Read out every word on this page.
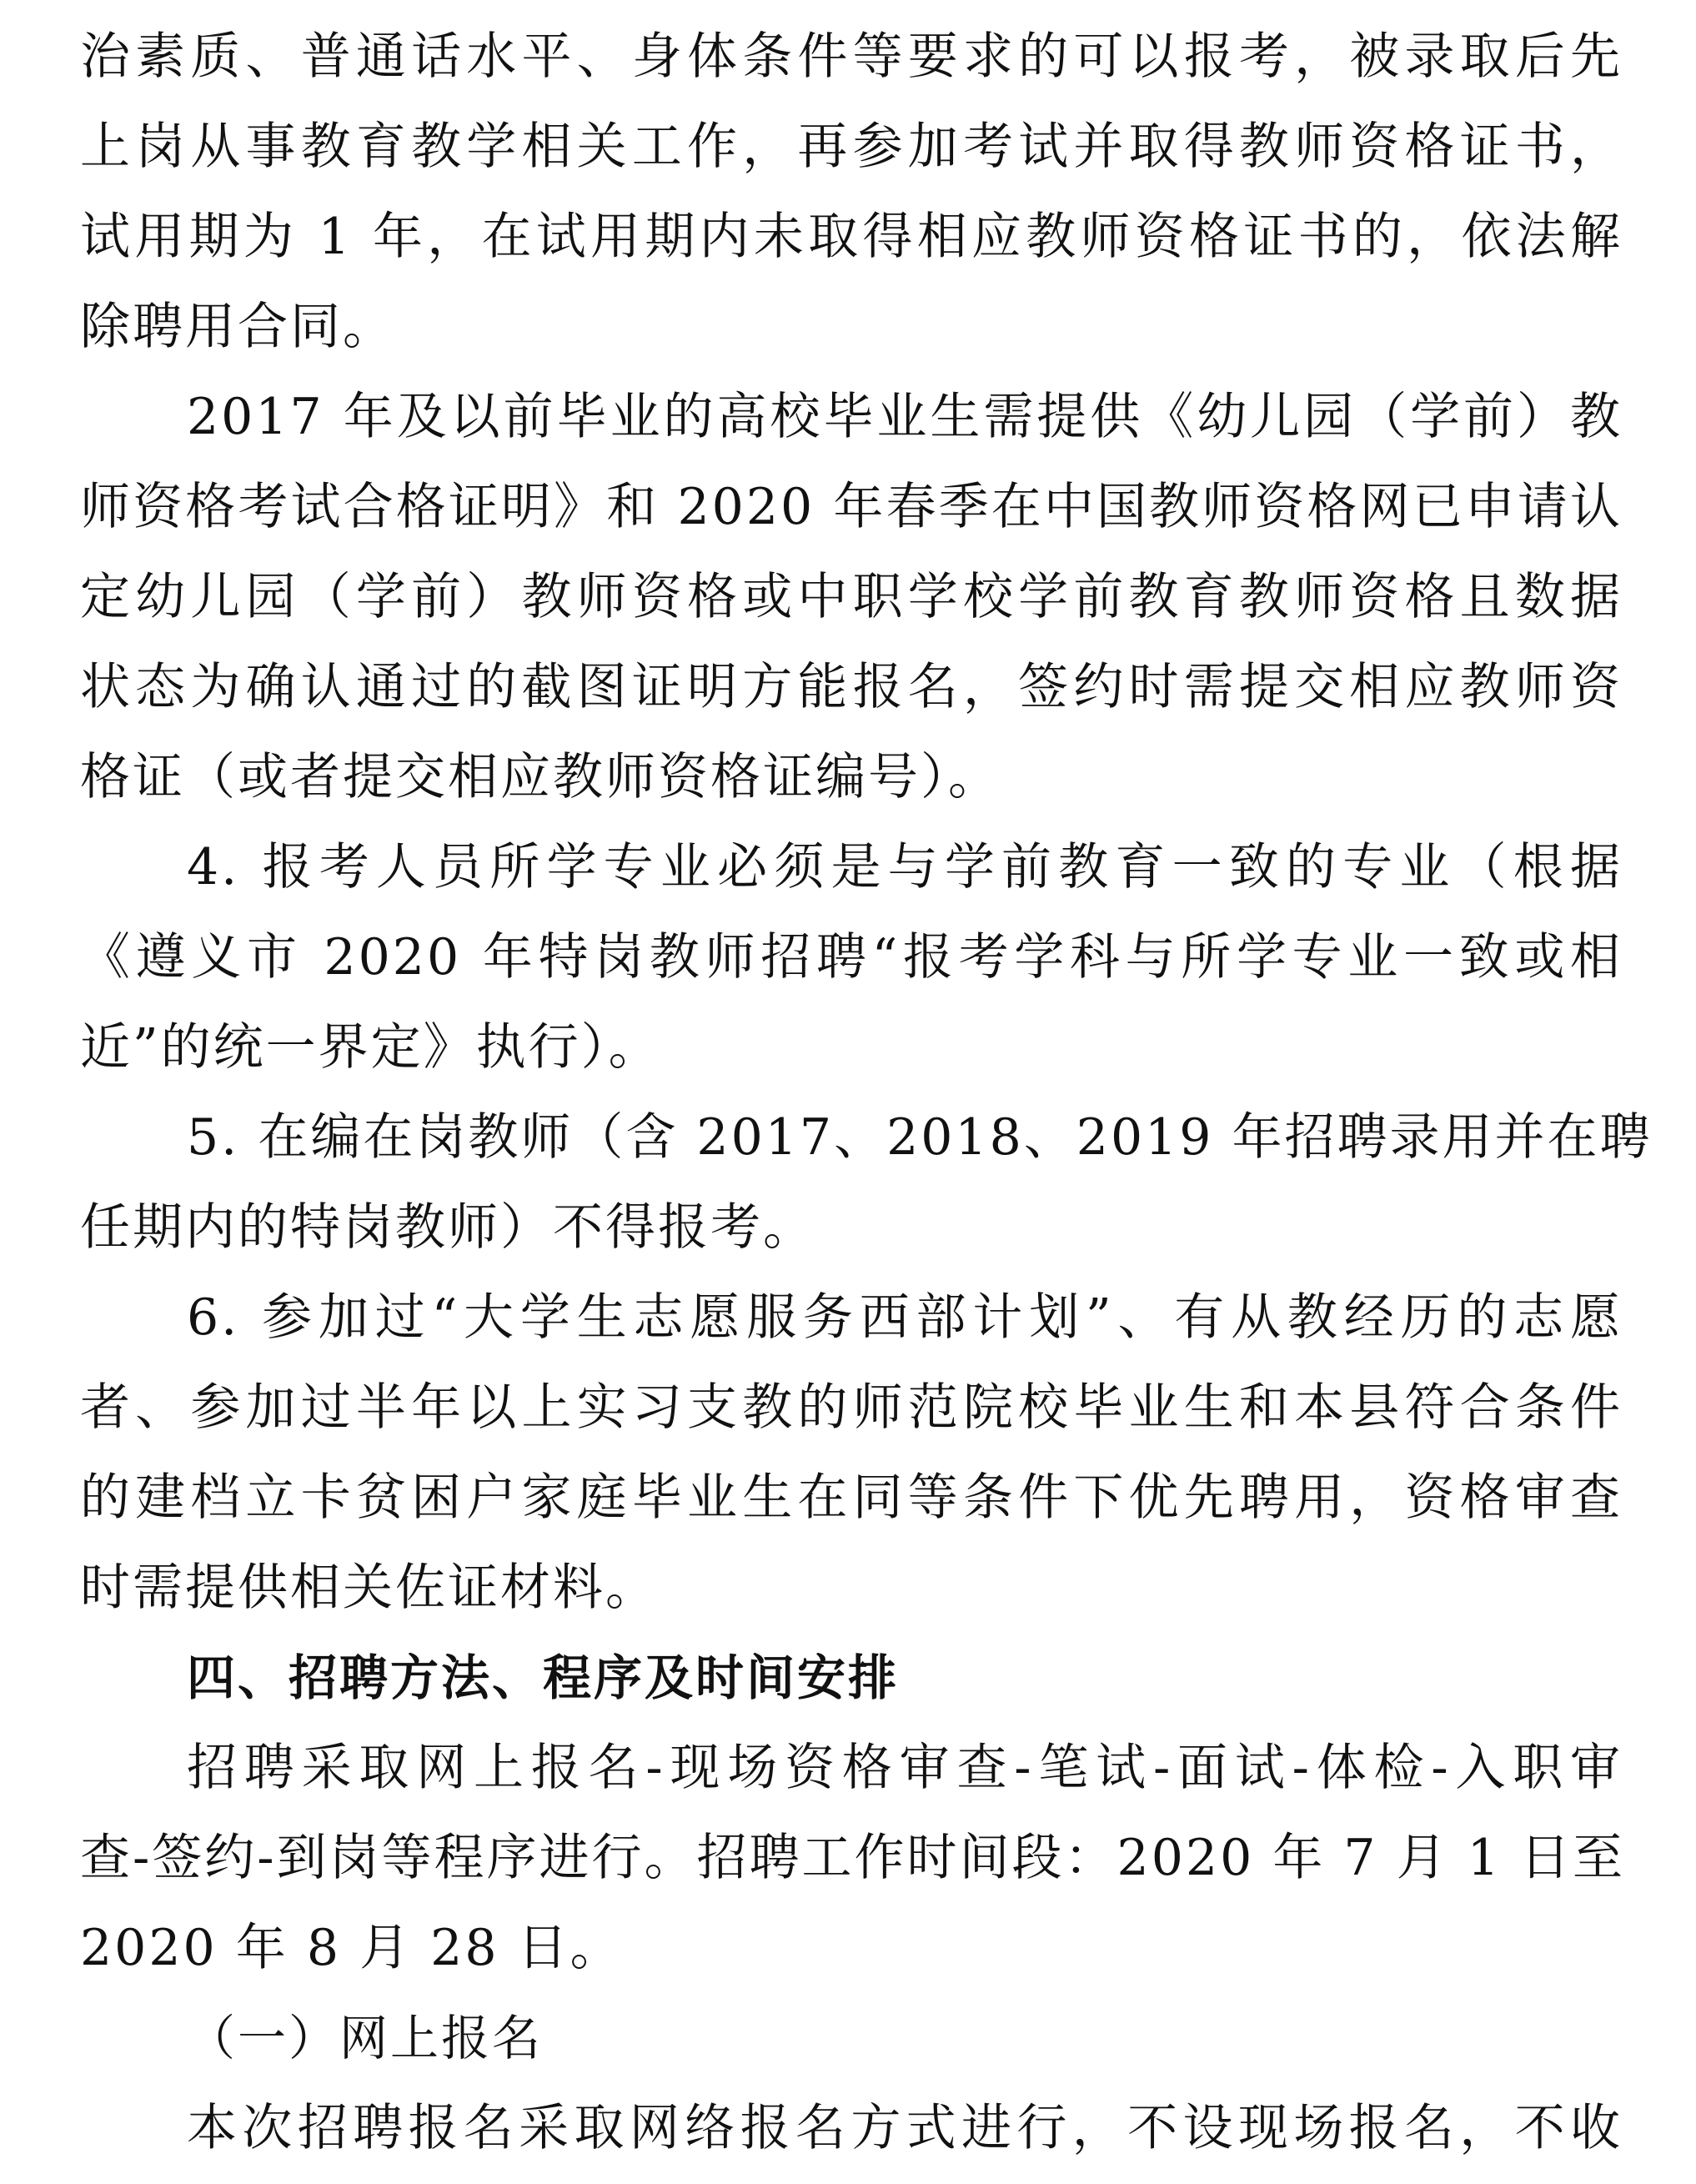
治素质、普通话水平、身体条件等要求的可以报考，被录取后先
上岗从事教育教学相关工作，再参加考试并取得教师资格证书，
试用期为 1 年，在试用期内未取得相应教师资格证书的，依法解
除聘用合同。
2017 年及以前毕业的高校毕业生需提供《幼儿园（学前）教
师资格考试合格证明》和 2020 年春季在中国教师资格网已申请认
定幼儿园（学前）教师资格或中职学校学前教育教师资格且数据
状态为确认通过的截图证明方能报名，签约时需提交相应教师资
格证（或者提交相应教师资格证编号）。
4. 报考人员所学专业必须是与学前教育一致的专业（根据
《遵义市 2020 年特岗教师招聘“报考学科与所学专业一致或相
近”的统一界定》执行）。
5. 在编在岗教师（含 2017、2018、2019 年招聘录用并在聘
任期内的特岗教师）不得报考。
6. 参加过“大学生志愿服务西部计划”、有从教经历的志愿
者、参加过半年以上实习支教的师范院校毕业生和本县符合条件
的建档立卡贫困户家庭毕业生在同等条件下优先聘用，资格审查
时需提供相关佐证材料。
四、招聘方法、程序及时间安排
招聘采取网上报名-现场资格审查-笔试-面试-体检-入职审
查-签约-到岗等程序进行。招聘工作时间段：2020 年 7 月 1 日至
2020 年 8 月 28 日。
（一）网上报名
本次招聘报名采取网络报名方式进行，不设现场报名，不收
